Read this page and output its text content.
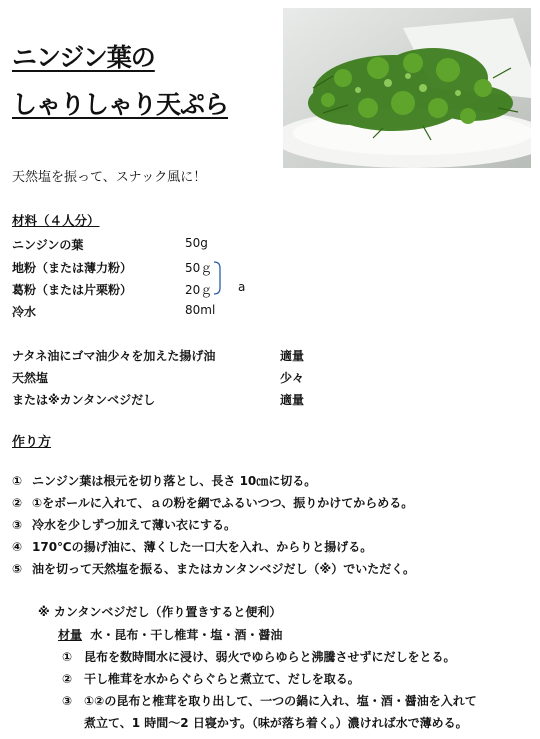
ニンジン葉の
しゃりしゃり天ぷら
天然塩を振って、スナック風に！
材料（４人分）
ニンジンの葉	50g
地粉（または薄力粉）	50ｇ
葛粉（または片栗粉）	20ｇ a
冷水	80ml
ナタネ油にゴマ油少々を加えた揚げ油	適量
天然塩	少々
または※カンタンベジだし	適量
作り方
① ニンジン葉は根元を切り落とし、長さ 10㎝に切る。
② ①をボールに入れて、ａの粉を網でふるいつつ、振りかけてからめる。
③ 冷水を少しずつ加えて薄い衣にする。
④ 170℃の揚げ油に、薄くした一口大を入れ、からりと揚げる。
⑤ 油を切って天然塩を振る、またはカンタンベジだし（※）でいただく。
※ カンタンベジだし（作り置きすると便利）
材量 水・昆布・干し椎茸・塩・酒・醤油
① 昆布を数時間水に浸け、弱火でゆらゆらと沸騰させずにだしをとる。
② 干し椎茸を水からぐらぐらと煮立て、だしを取る。
③ ①②の昆布と椎茸を取り出して、一つの鍋に入れ、塩・酒・醤油を入れて
煮立て、1 時間～2 日寝かす。（味が落ち着く。）濃ければ水で薄める。
